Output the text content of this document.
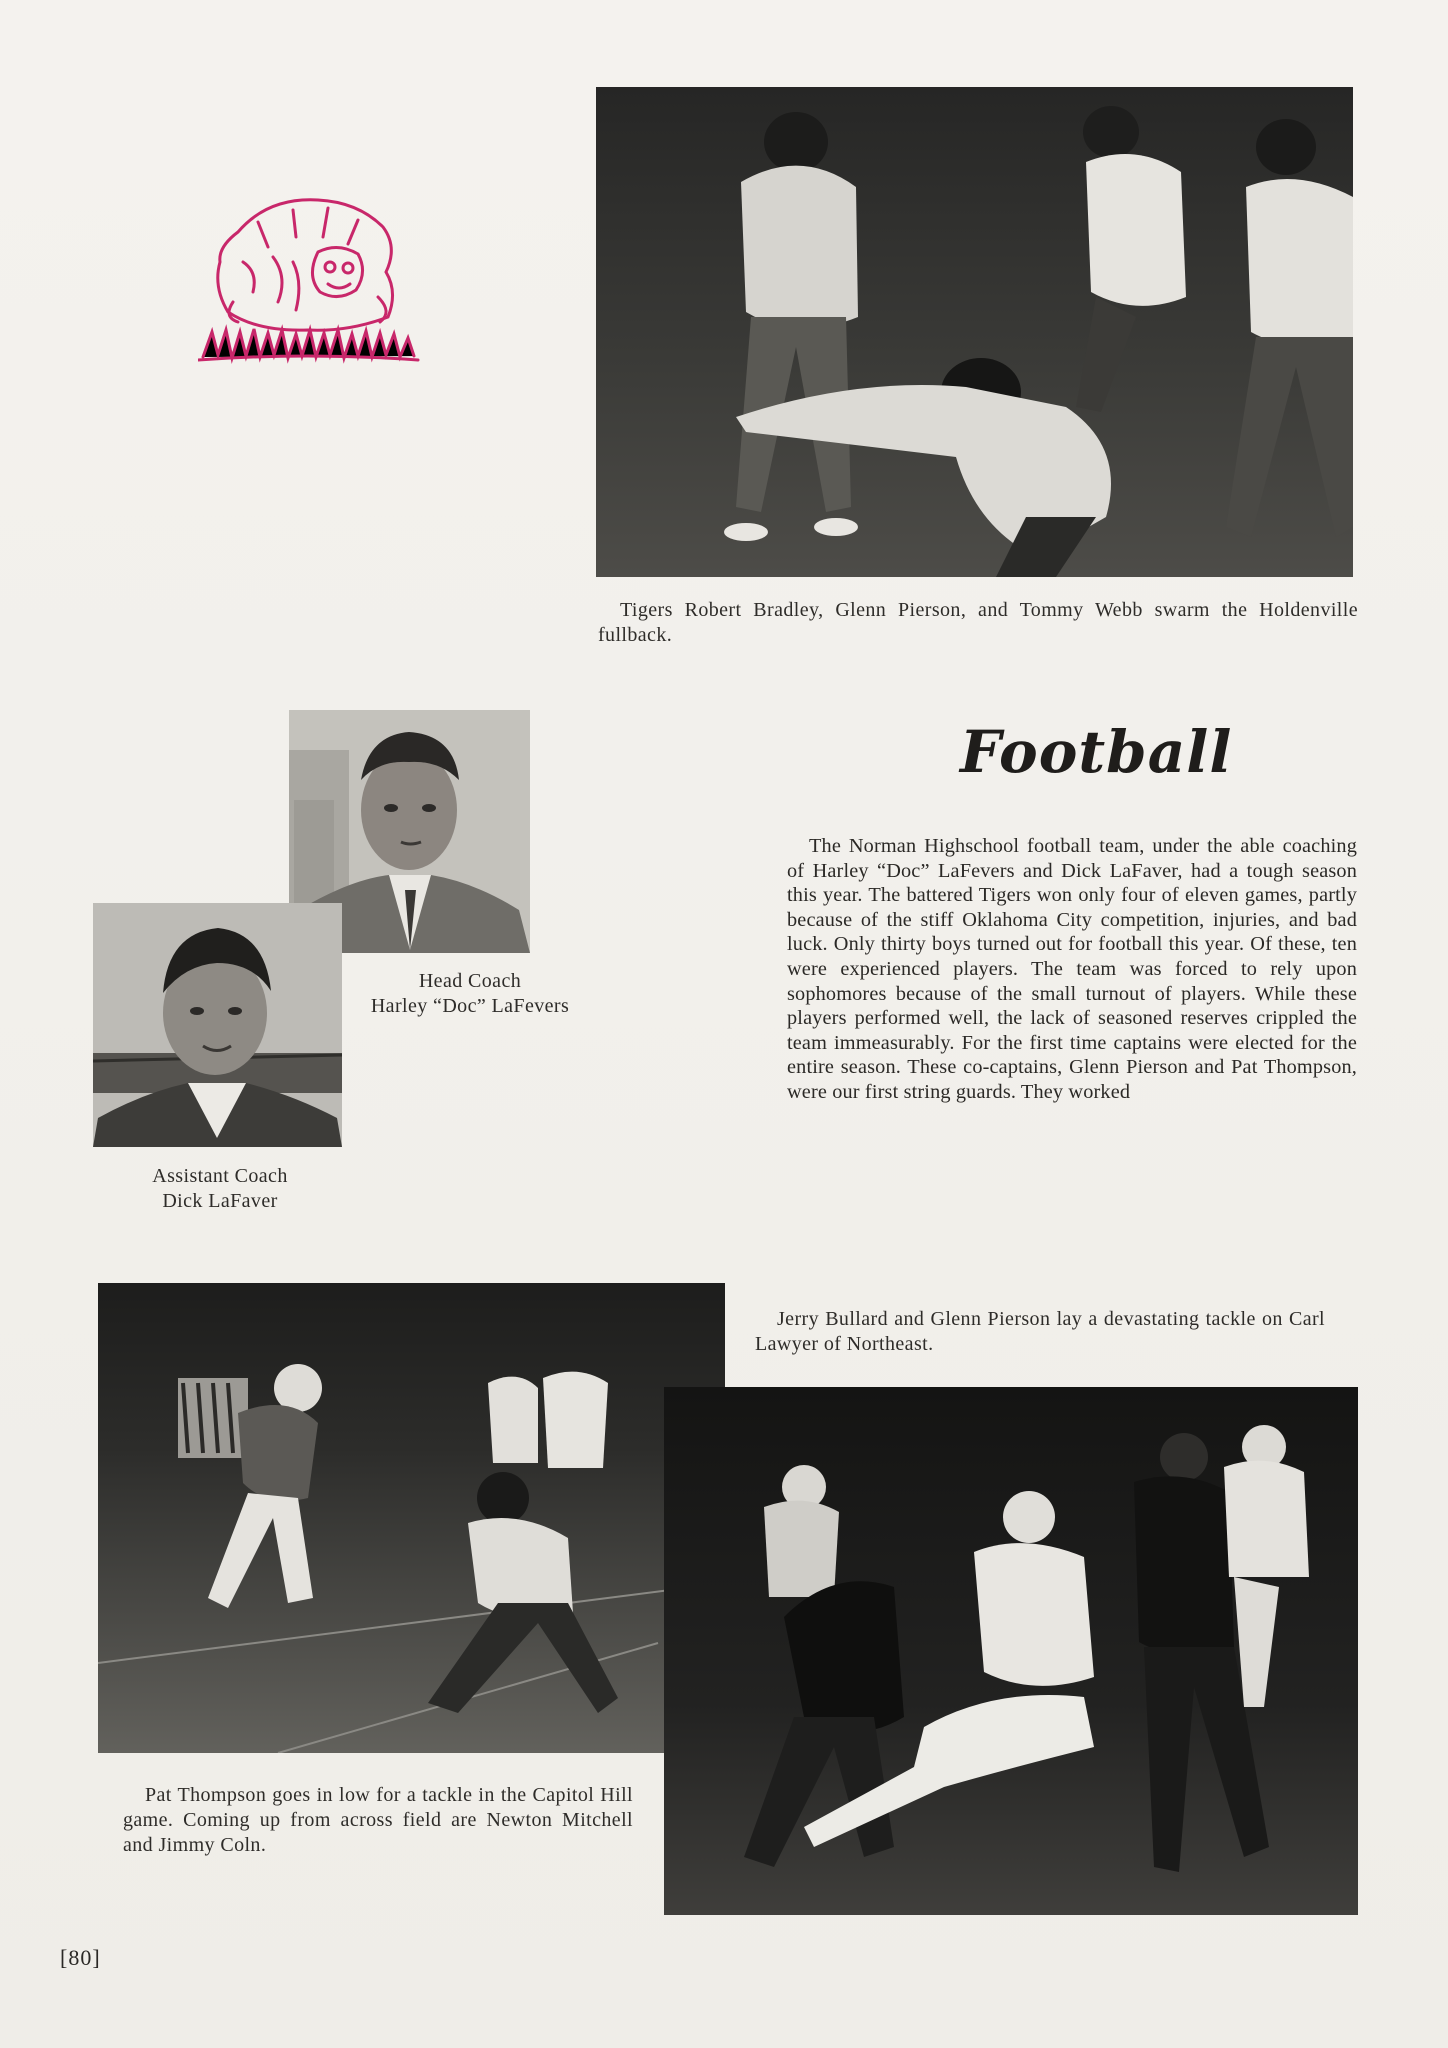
Tigers Robert Bradley, Glenn Pierson, and Tommy Webb swarm the Holdenville fullback.
Head Coach
Harley “Doc” LaFevers
Assistant Coach
Dick LaFaver
Football

The Norman Highschool football team, under the able coaching of Harley “Doc” LaFevers and Dick LaFaver, had a tough season this year. The battered Tigers won only four of eleven games, partly because of the stiff Oklahoma City competition, injuries, and bad luck. Only thirty boys turned out for football this year. Of these, ten were experienced players. The team was forced to rely upon sophomores because of the small turnout of players. While these players performed well, the lack of seasoned reserves crippled the team immeasurably. For the first time captains were elected for the entire season. These co-captains, Glenn Pierson and Pat Thompson, were our first string guards. They worked

Jerry Bullard and Glenn Pierson lay a devastating tackle on Carl Lawyer of Northeast.
Pat Thompson goes in low for a tackle in the Capitol Hill game. Coming up from across field are Newton Mitchell and Jimmy Coln.
[80]
